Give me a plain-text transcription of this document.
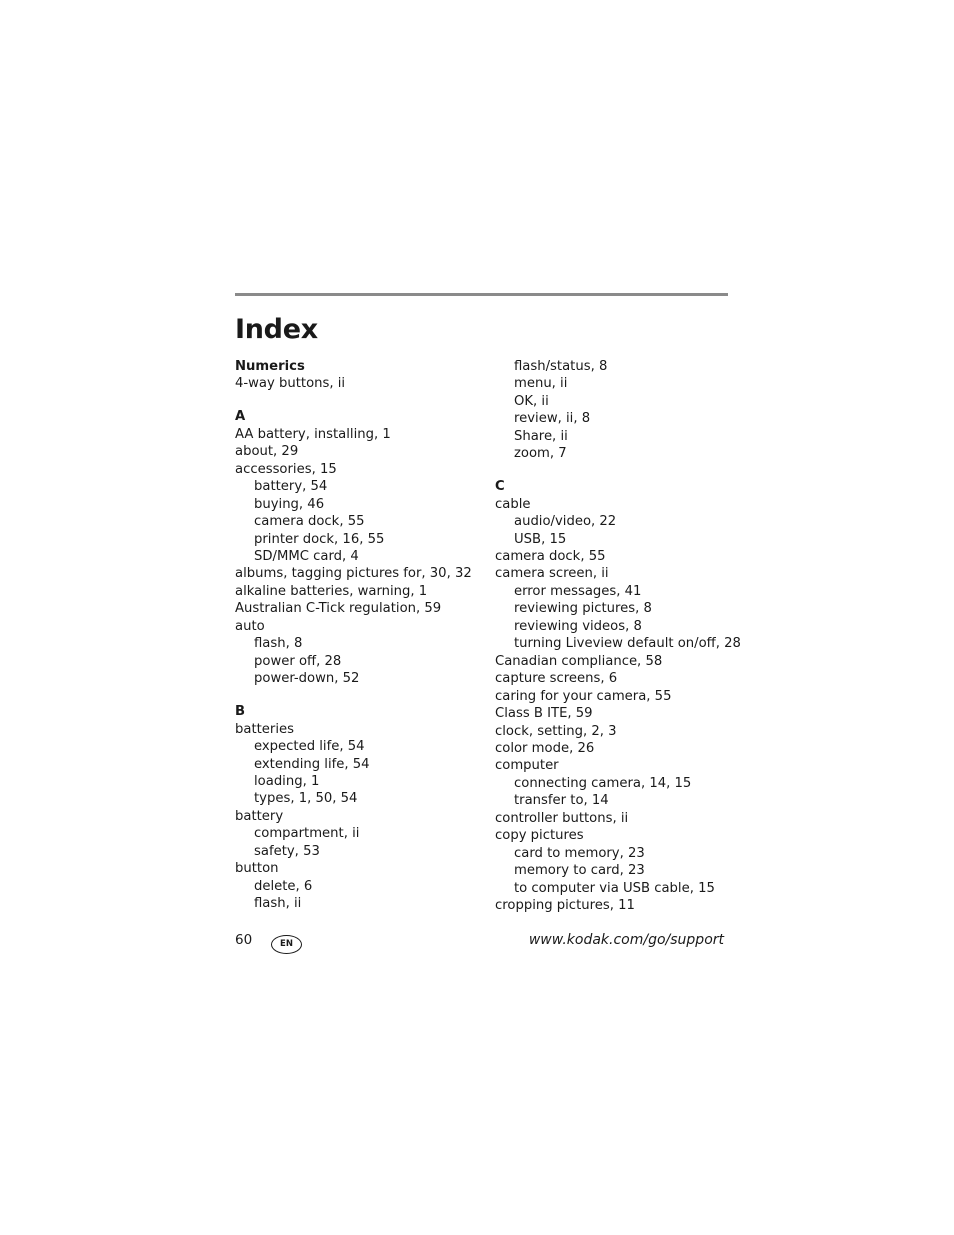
Index
Numerics
4-way buttons, ii
A
AA battery, installing, 1
about, 29
accessories, 15
battery, 54
buying, 46
camera dock, 55
printer dock, 16, 55
SD/MMC card, 4
albums, tagging pictures for, 30, 32
alkaline batteries, warning, 1
Australian C-Tick regulation, 59
auto
flash, 8
power off, 28
power-down, 52
B
batteries
expected life, 54
extending life, 54
loading, 1
types, 1, 50, 54
battery
compartment, ii
safety, 53
button
delete, 6
flash, ii
flash/status, 8
menu, ii
OK, ii
review, ii, 8
Share, ii
zoom, 7
C
cable
audio/video, 22
USB, 15
camera dock, 55
camera screen, ii
error messages, 41
reviewing pictures, 8
reviewing videos, 8
turning Liveview default on/off, 28
Canadian compliance, 58
capture screens, 6
caring for your camera, 55
Class B ITE, 59
clock, setting, 2, 3
color mode, 26
computer
connecting camera, 14, 15
transfer to, 14
controller buttons, ii
copy pictures
card to memory, 23
memory to card, 23
to computer via USB cable, 15
cropping pictures, 11
60	EN	www.kodak.com/go/support
